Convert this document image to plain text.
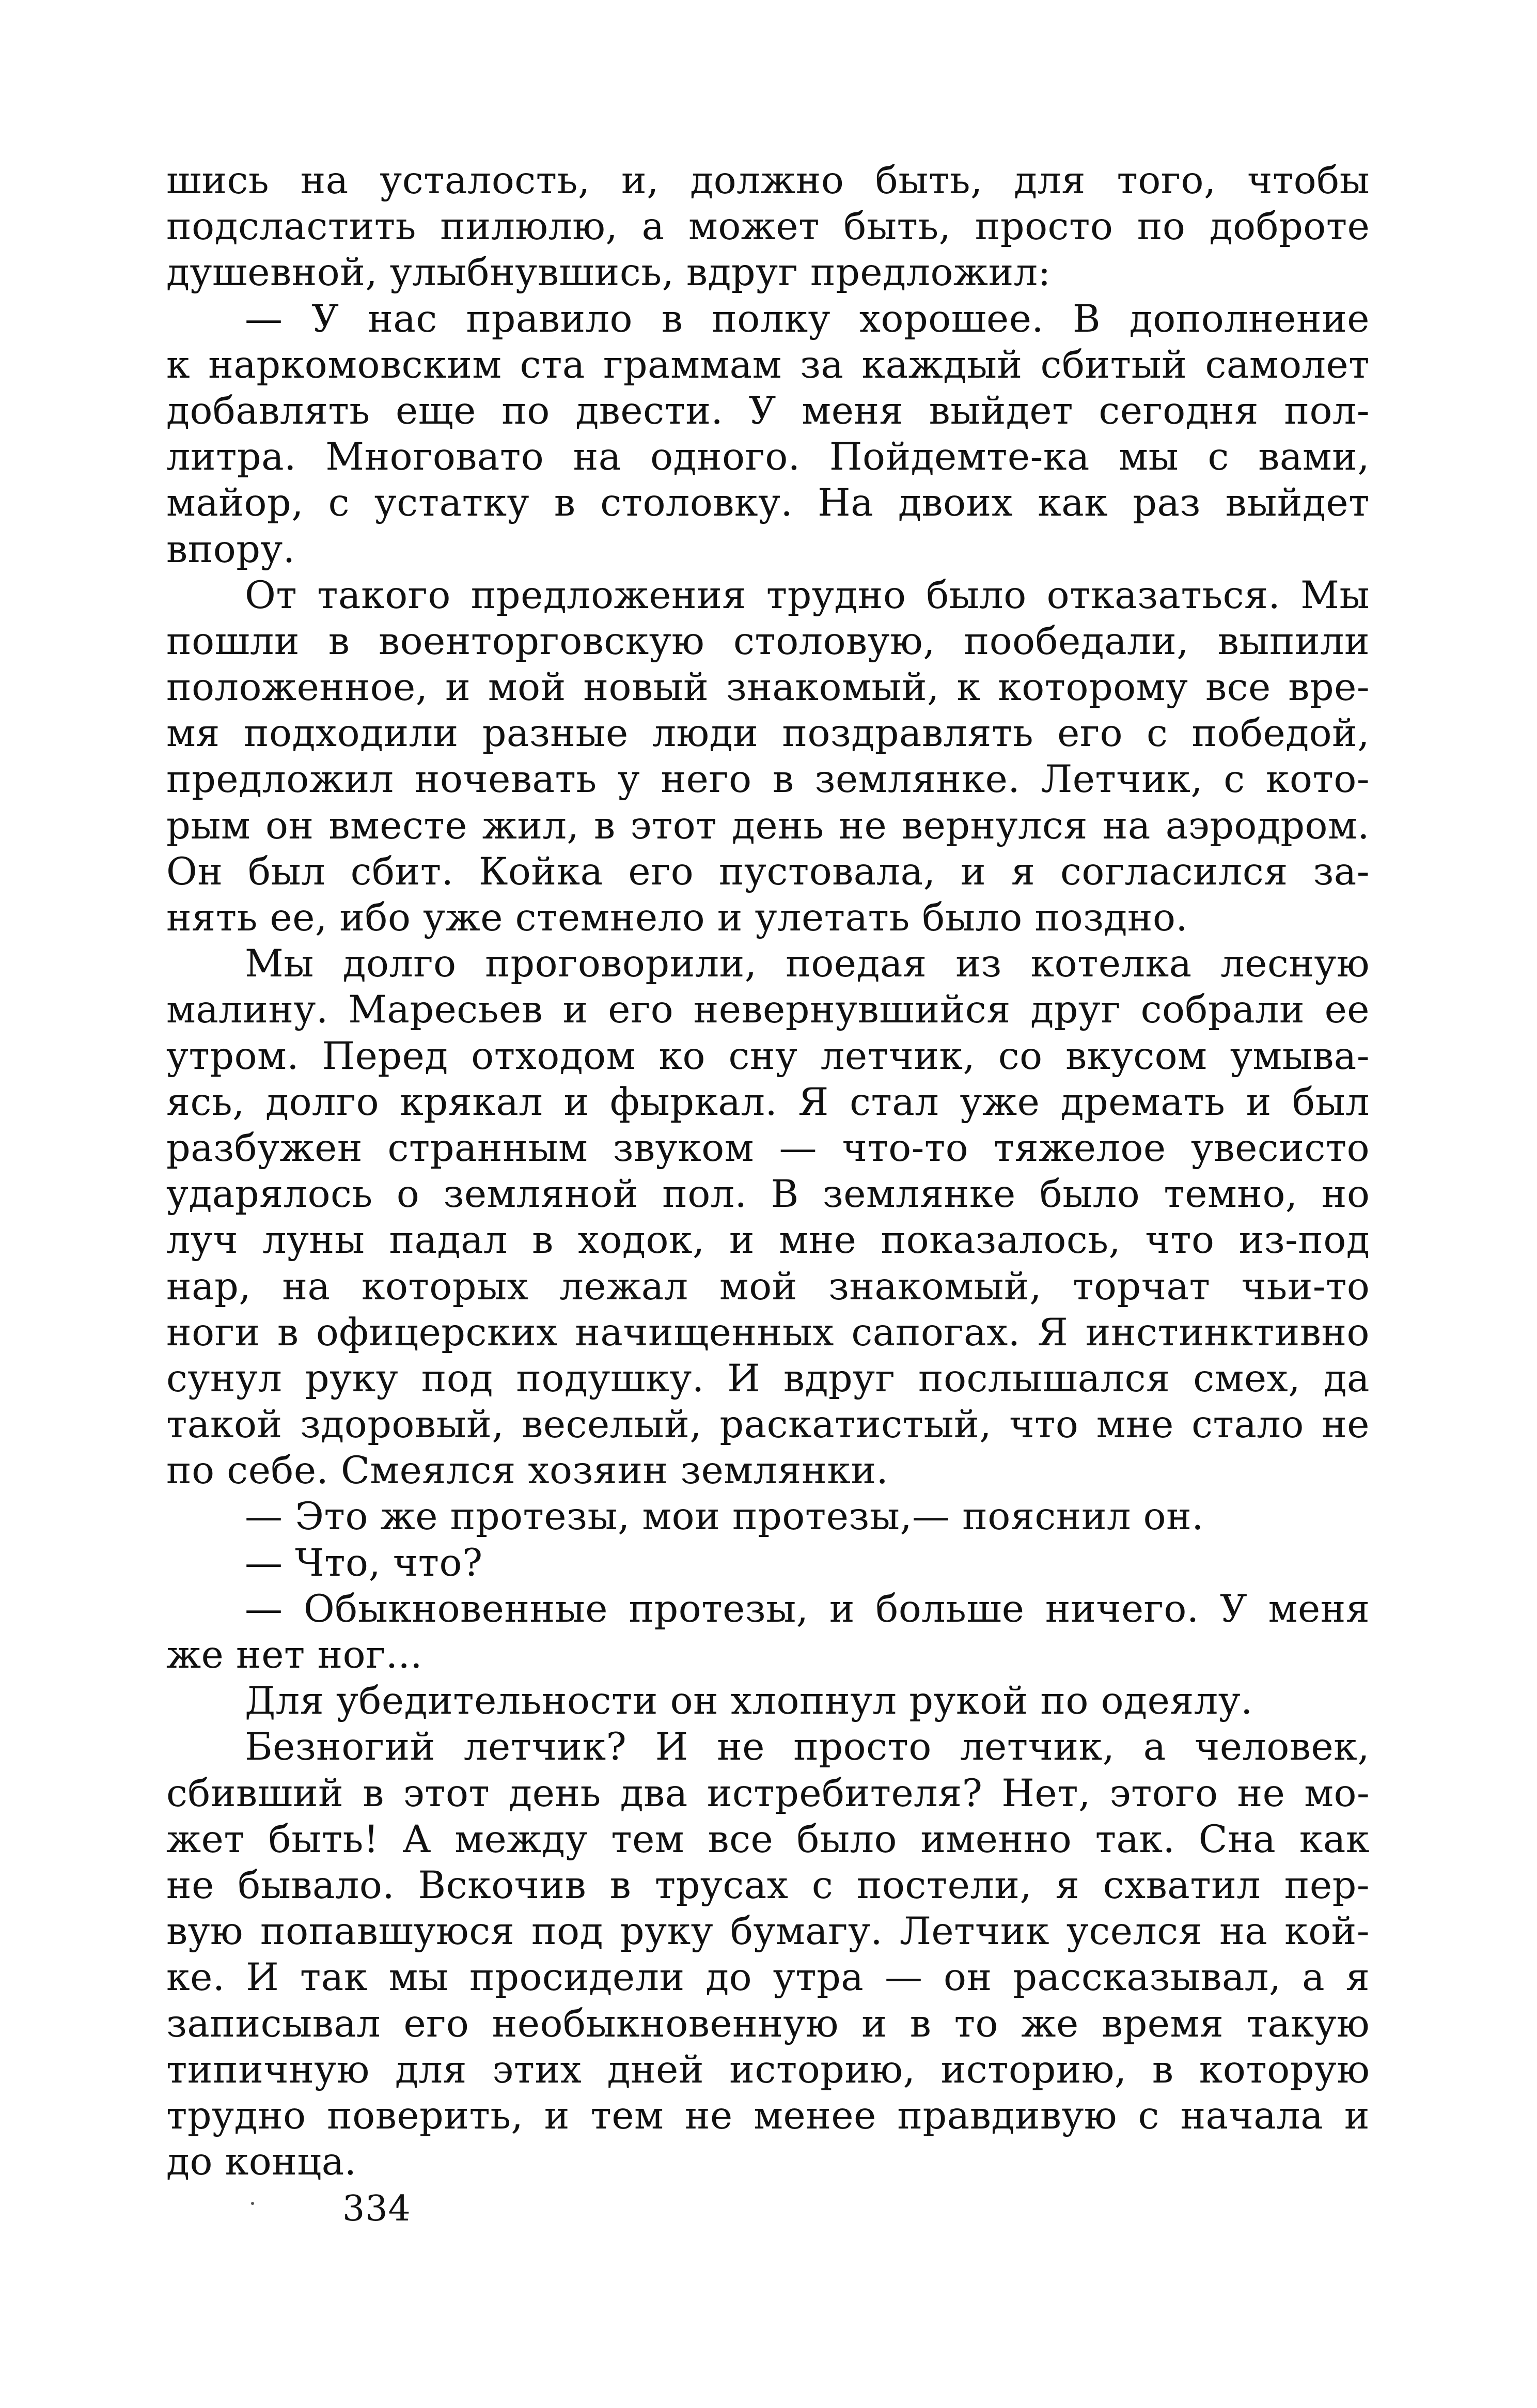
шись на усталость, и, должно быть, для того, чтобы
подсластить пилюлю, а может быть, просто по доброте
душевной, улыбнувшись, вдруг предложил:
— У нас правило в полку хорошее. В дополнение
к наркомовским ста граммам за каждый сбитый самолет
добавлять еще по двести. У меня выйдет сегодня пол-
литра. Многовато на одного. Пойдемте-ка мы с вами,
майор, с устатку в столовку. На двоих как раз выйдет
впору.
От такого предложения трудно было отказаться. Мы
пошли в военторговскую столовую, пообедали, выпили
положенное, и мой новый знакомый, к которому все вре-
мя подходили разные люди поздравлять его с победой,
предложил ночевать у него в землянке. Летчик, с кото-
рым он вместе жил, в этот день не вернулся на аэродром.
Он был сбит. Койка его пустовала, и я согласился за-
нять ее, ибо уже стемнело и улетать было поздно.
Мы долго проговорили, поедая из котелка лесную
малину. Маресьев и его невернувшийся друг собрали ее
утром. Перед отходом ко сну летчик, со вкусом умыва-
ясь, долго крякал и фыркал. Я стал уже дремать и был
разбужен странным звуком — что-то тяжелое увесисто
ударялось о земляной пол. В землянке было темно, но
луч луны падал в ходок, и мне показалось, что из-под
нар, на которых лежал мой знакомый, торчат чьи-то
ноги в офицерских начищенных сапогах. Я инстинктивно
сунул руку под подушку. И вдруг послышался смех, да
такой здоровый, веселый, раскатистый, что мне стало не
по себе. Смеялся хозяин землянки.
— Это же протезы, мои протезы,— пояснил он.
— Что, что?
— Обыкновенные протезы, и больше ничего. У меня
же нет ног...
Для убедительности он хлопнул рукой по одеялу.
Безногий летчик? И не просто летчик, а человек,
сбивший в этот день два истребителя? Нет, этого не мо-
жет быть! А между тем все было именно так. Сна как
не бывало. Вскочив в трусах с постели, я схватил пер-
вую попавшуюся под руку бумагу. Летчик уселся на кой-
ке. И так мы просидели до утра — он рассказывал, а я
записывал его необыкновенную и в то же время такую
типичную для этих дней историю, историю, в которую
трудно поверить, и тем не менее правдивую с начала и
до конца.
334
